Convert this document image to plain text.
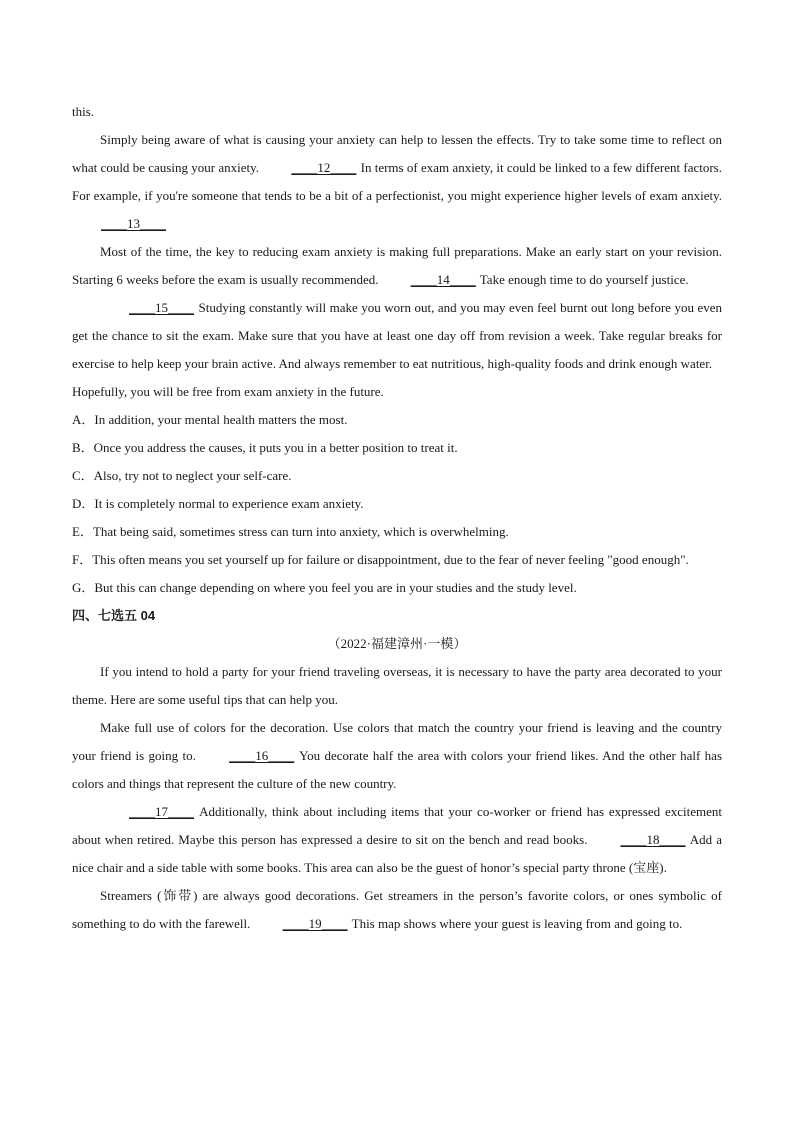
this.

Simply being aware of what is causing your anxiety can help to lessen the effects. Try to take some time to reflect on what could be causing your anxiety. ____12____ In terms of exam anxiety, it could be linked to a few different factors. For example, if you're someone that tends to be a bit of a perfectionist, you might experience higher levels of exam anxiety. ____13____

Most of the time, the key to reducing exam anxiety is making full preparations. Make an early start on your revision. Starting 6 weeks before the exam is usually recommended. ____14____ Take enough time to do yourself justice.

____15____ Studying constantly will make you worn out, and you may even feel burnt out long before you even get the chance to sit the exam. Make sure that you have at least one day off from revision a week. Take regular breaks for exercise to help keep your brain active. And always remember to eat nutritious, high-quality foods and drink enough water.

Hopefully, you will be free from exam anxiety in the future.

A．In addition, your mental health matters the most.

B．Once you address the causes, it puts you in a better position to treat it.

C．Also, try not to neglect your self-care.

D．It is completely normal to experience exam anxiety.

E．That being said, sometimes stress can turn into anxiety, which is overwhelming.

F．This often means you set yourself up for failure or disappointment, due to the fear of never feeling "good enough".

G．But this can change depending on where you feel you are in your studies and the study level.

四、七选五 04

（2022·福建漳州·一模）

If you intend to hold a party for your friend traveling overseas, it is necessary to have the party area decorated to your theme. Here are some useful tips that can help you.

Make full use of colors for the decoration. Use colors that match the country your friend is leaving and the country your friend is going to. ____16____ You decorate half the area with colors your friend likes. And the other half has colors and things that represent the culture of the new country.

____17____ Additionally, think about including items that your co-worker or friend has expressed excitement about when retired. Maybe this person has expressed a desire to sit on the bench and read books. ____18____ Add a nice chair and a side table with some books. This area can also be the guest of honor’s special party throne (宝座).

Streamers (饰带) are always good decorations. Get streamers in the person’s favorite colors, or ones symbolic of something to do with the farewell. ____19____ This map shows where your guest is leaving from and going to.
